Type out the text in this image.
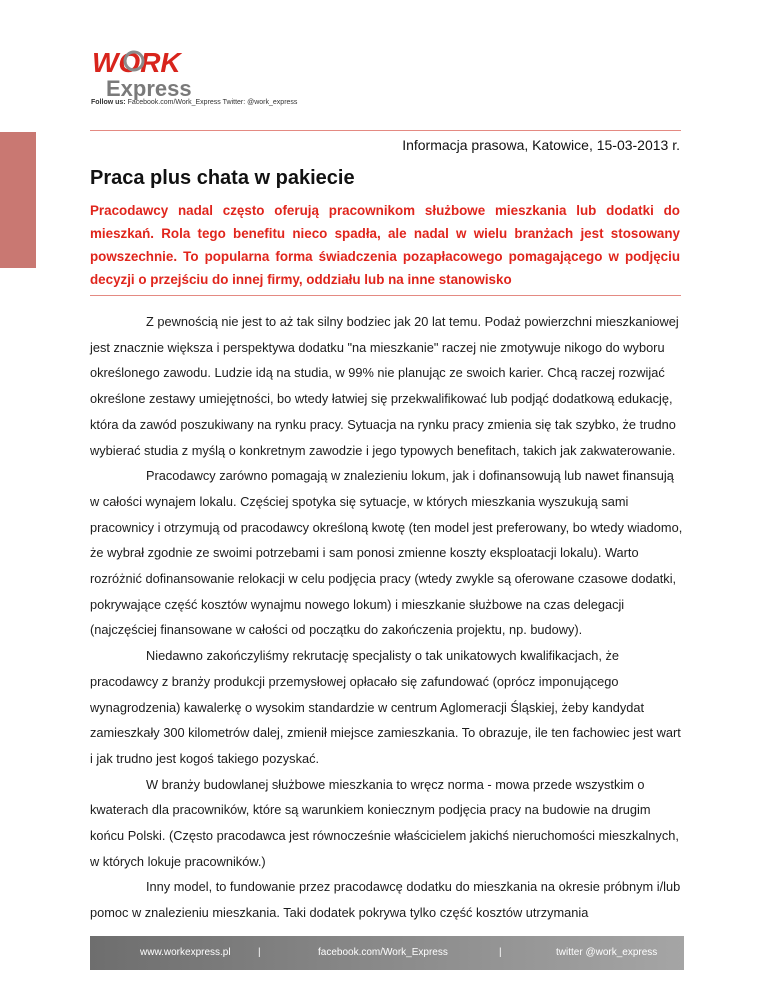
WORK
Express
Follow us: Facebook.com/Work_Express Twitter: @work_express
Informacja prasowa, Katowice, 15-03-2013 r.
Praca plus chata w pakiecie

Pracodawcy nadal często oferują pracownikom służbowe mieszkania lub dodatki do mieszkań. Rola tego benefitu nieco spadła, ale nadal w wielu branżach jest stosowany powszechnie. To popularna forma świadczenia pozapłacowego pomagającego w podjęciu decyzji o przejściu do innej firmy, oddziału lub na inne stanowisko

Z pewnością nie jest to aż tak silny bodziec jak 20 lat temu. Podaż powierzchni mieszkaniowej jest znacznie większa i perspektywa dodatku "na mieszkanie" raczej nie zmotywuje nikogo do wyboru określonego zawodu. Ludzie idą na studia, w 99% nie planując ze swoich karier. Chcą raczej rozwijać określone zestawy umiejętności, bo wtedy łatwiej się przekwalifikować lub podjąć dodatkową edukację, która da zawód poszukiwany na rynku pracy. Sytuacja na rynku pracy zmienia się tak szybko, że trudno wybierać studia z myślą o konkretnym zawodzie i jego typowych benefitach, takich jak zakwaterowanie.

Pracodawcy zarówno pomagają w znalezieniu lokum, jak i dofinansowują lub nawet finansują w całości wynajem lokalu. Częściej spotyka się sytuacje, w których mieszkania wyszukują sami pracownicy i otrzymują od pracodawcy określoną kwotę (ten model jest preferowany, bo wtedy wiadomo, że wybrał zgodnie ze swoimi potrzebami i sam ponosi zmienne koszty eksploatacji lokalu). Warto rozróżnić dofinansowanie relokacji w celu podjęcia pracy (wtedy zwykle są oferowane czasowe dodatki, pokrywające część kosztów wynajmu nowego lokum) i mieszkanie służbowe na czas delegacji (najczęściej finansowane w całości od początku do zakończenia projektu, np. budowy).

Niedawno zakończyliśmy rekrutację specjalisty o tak unikatowych kwalifikacjach, że pracodawcy z branży produkcji przemysłowej opłacało się zafundować (oprócz imponującego wynagrodzenia) kawalerkę o wysokim standardzie w centrum Aglomeracji Śląskiej, żeby kandydat zamieszkały 300 kilometrów dalej, zmienił miejsce zamieszkania. To obrazuje, ile ten fachowiec jest wart i jak trudno jest kogoś takiego pozyskać.

W branży budowlanej służbowe mieszkania to wręcz norma - mowa przede wszystkim o kwaterach dla pracowników, które są warunkiem koniecznym podjęcia pracy na budowie na drugim końcu Polski. (Często pracodawca jest równocześnie właścicielem jakichś nieruchomości mieszkalnych, w których lokuje pracowników.)

Inny model, to fundowanie przez pracodawcę dodatku do mieszkania na okresie próbnym i/lub pomoc w znalezieniu mieszkania. Taki dodatek pokrywa tylko część kosztów utrzymania

www.workexpress.pl	|	facebook.com/Work_Express	|	twitter @work_express
